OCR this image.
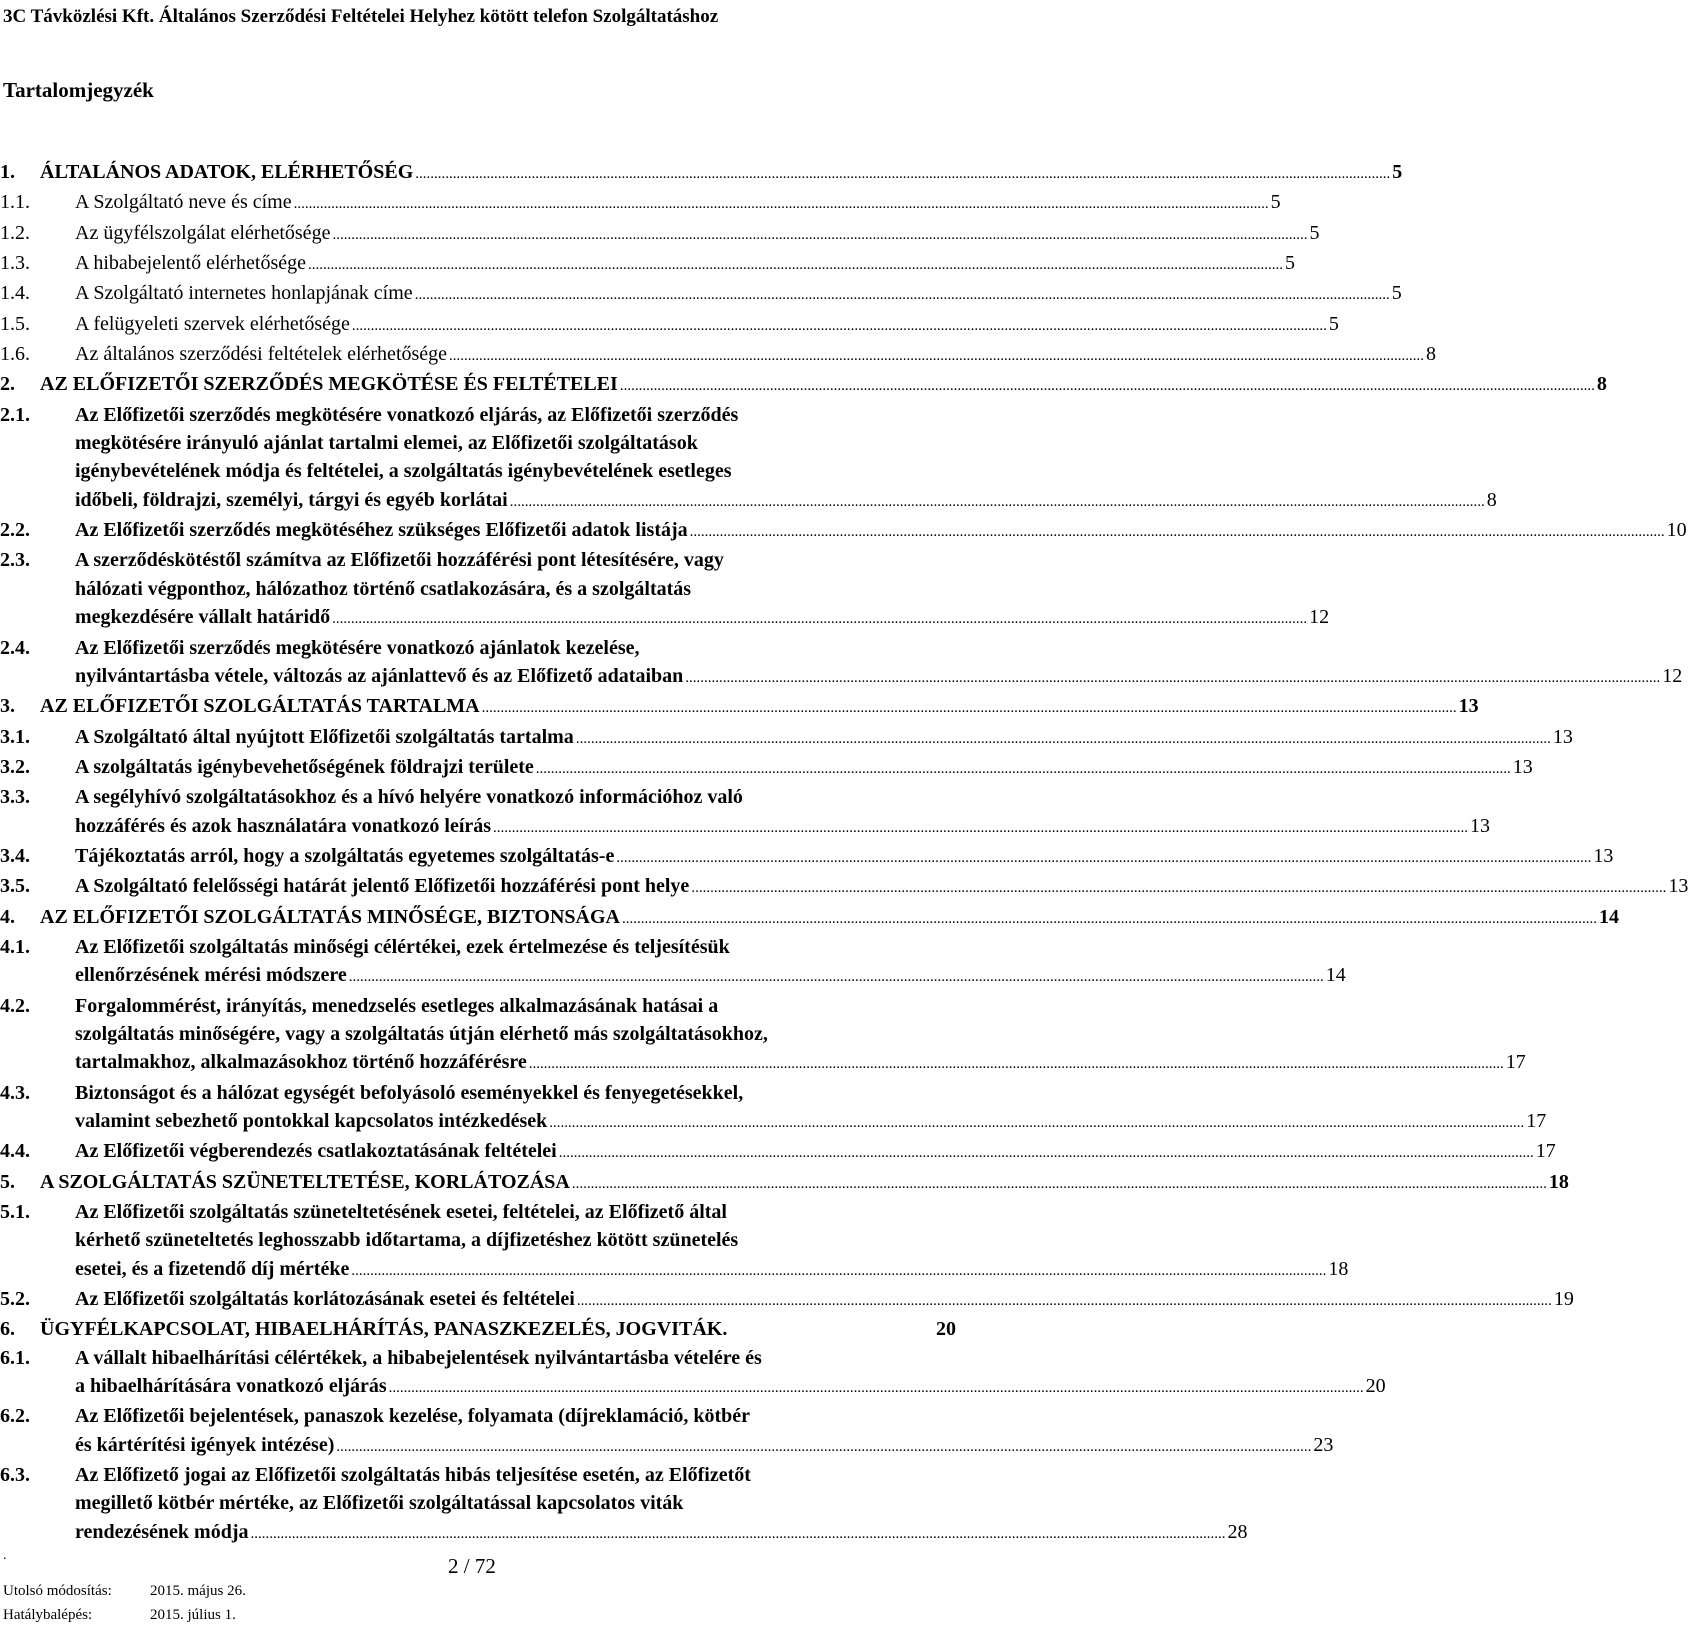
3C Távközlési Kft. Általános Szerződési Feltételei Helyhez kötött telefon Szolgáltatáshoz
Tartalomjegyzék
1. ÁLTALÁNOS ADATOK, ELÉRHETŐSÉG .....	5
1.1. A Szolgáltató neve és címe .....	5
1.2. Az ügyfélszolgálat elérhetősége .....	5
1.3. A hibabejelentő elérhetősége .....	5
1.4. A Szolgáltató internetes honlapjának címe .....	5
1.5. A felügyeleti szervek elérhetősége .....	5
1.6. Az általános szerződési feltételek elérhetősége .....	8
2. AZ ELŐFIZETŐI SZERZŐDÉS MEGKÖTÉSE ÉS FELTÉTELEI .....	8
2.1. Az Előfizetői szerződés megkötésére vonatkozó eljárás, az Előfizetői szerződés
megkötésére irányuló ajánlat tartalmi elemei, az Előfizetői szolgáltatások
igénybevételének módja és feltételei, a szolgáltatás igénybevételének esetleges
időbeli, földrajzi, személyi, tárgyi és egyéb korlátai .....	8
2.2. Az Előfizetői szerződés megkötéséhez szükséges Előfizetői adatok listája .....	10
2.3. A szerződéskötéstől számítva az Előfizetői hozzáférési pont létesítésére, vagy
hálózati végponthoz, hálózathoz történő csatlakozására, és a szolgáltatás
megkezdésére vállalt határidő .....	12
2.4. Az Előfizetői szerződés megkötésére vonatkozó ajánlatok kezelése,
nyilvántartásba vétele, változás az ajánlattevő és az Előfizető adataiban .....	12
3. AZ ELŐFIZETŐI SZOLGÁLTATÁS TARTALMA .....	13
3.1. A Szolgáltató által nyújtott Előfizetői szolgáltatás tartalma .....	13
3.2. A szolgáltatás igénybevehetőségének földrajzi területe .....	13
3.3. A segélyhívó szolgáltatásokhoz és a hívó helyére vonatkozó információhoz való
hozzáférés és azok használatára vonatkozó leírás .....	13
3.4. Tájékoztatás arról, hogy a szolgáltatás egyetemes szolgáltatás-e .....	13
3.5. A Szolgáltató felelősségi határát jelentő Előfizetői hozzáférési pont helye .....	13
4. AZ ELŐFIZETŐI SZOLGÁLTATÁS MINŐSÉGE, BIZTONSÁGA .....	14
4.1. Az Előfizetői szolgáltatás minőségi célértékei, ezek értelmezése és teljesítésük
ellenőrzésének mérési módszere .....	14
4.2. Forgalommérést, irányítás, menedzselés esetleges alkalmazásának hatásai a
szolgáltatás minőségére, vagy a szolgáltatás útján elérhető más szolgáltatásokhoz,
tartalmakhoz, alkalmazásokhoz történő hozzáférésre .....	17
4.3. Biztonságot és a hálózat egységét befolyásoló eseményekkel és fenyegetésekkel,
valamint sebezhető pontokkal kapcsolatos intézkedések .....	17
4.4. Az Előfizetői végberendezés csatlakoztatásának feltételei .....	17
5. A SZOLGÁLTATÁS SZÜNETELTETÉSE, KORLÁTOZÁSA .....	18
5.1. Az Előfizetői szolgáltatás szüneteltetésének esetei, feltételei, az Előfizető által
kérhető szüneteltetés leghosszabb időtartama, a díjfizetéshez kötött szünetelés
esetei, és a fizetendő díj mértéke .....	18
5.2. Az Előfizetői szolgáltatás korlátozásának esetei és feltételei .....	19
6. ÜGYFÉLKAPCSOLAT, HIBAELHÁRÍTÁS, PANASZKEZELÉS, JOGVITÁK.	20
6.1. A vállalt hibaelhárítási célértékek, a hibabejelentések nyilvántartásba vételére és
a hibaelhárítására vonatkozó eljárás .....	20
6.2. Az Előfizetői bejelentések, panaszok kezelése, folyamata (díjreklamáció, kötbér
és kártérítési igények intézése) .....	23
6.3. Az Előfizető jogai az Előfizetői szolgáltatás hibás teljesítése esetén, az Előfizetőt
megillető kötbér mértéke, az Előfizetői szolgáltatással kapcsolatos viták
rendezésének módja .....	28
.	2 / 72
Utolsó módosítás:	2015. május 26.
Hatálybalépés:	2015. július 1.
